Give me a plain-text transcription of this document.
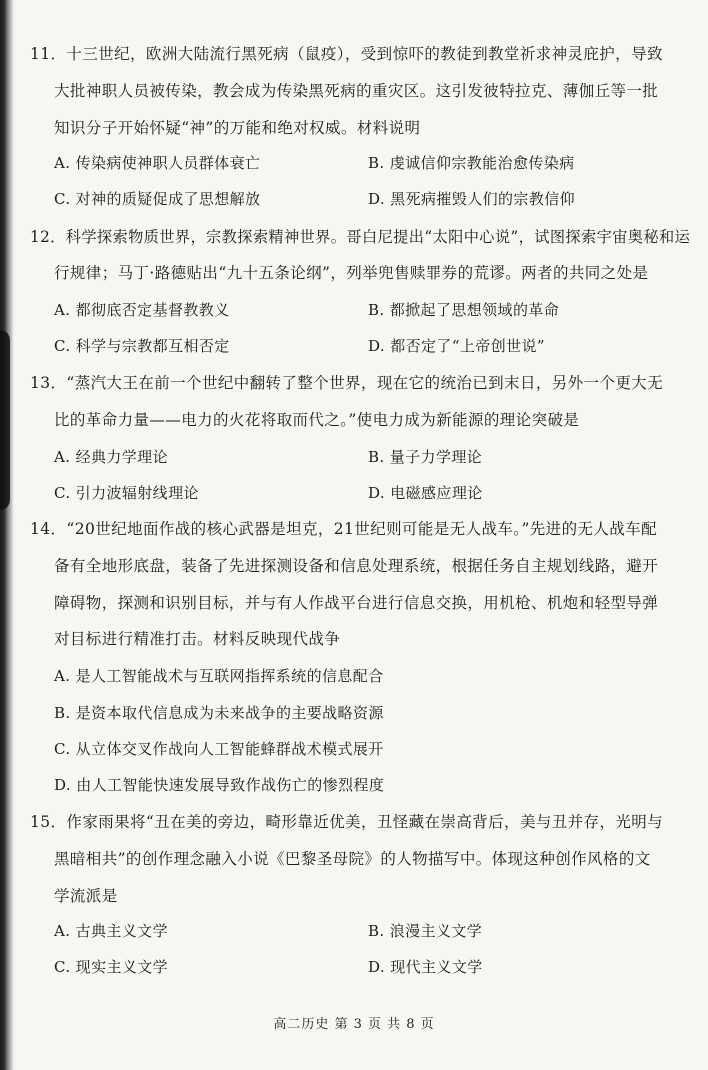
11．十三世纪，欧洲大陆流行黑死病（鼠疫），受到惊吓的教徒到教堂祈求神灵庇护，导致
大批神职人员被传染，教会成为传染黑死病的重灾区。这引发彼特拉克、薄伽丘等一批
知识分子开始怀疑“神”的万能和绝对权威。材料说明
A. 传染病使神职人员群体衰亡	B. 虔诚信仰宗教能治愈传染病
C. 对神的质疑促成了思想解放	D. 黑死病摧毁人们的宗教信仰
12．科学探索物质世界，宗教探索精神世界。哥白尼提出“太阳中心说”，试图探索宇宙奥秘和运
行规律；马丁·路德贴出“九十五条论纲”，列举兜售赎罪券的荒谬。两者的共同之处是
A. 都彻底否定基督教教义	B. 都掀起了思想领域的革命
C. 科学与宗教都互相否定	D. 都否定了“上帝创世说”
13．“蒸汽大王在前一个世纪中翻转了整个世界，现在它的统治已到末日，另外一个更大无
比的革命力量——电力的火花将取而代之。”使电力成为新能源的理论突破是
A. 经典力学理论	B. 量子力学理论
C. 引力波辐射线理论	D. 电磁感应理论
14．“20世纪地面作战的核心武器是坦克，21世纪则可能是无人战车。”先进的无人战车配
备有全地形底盘，装备了先进探测设备和信息处理系统，根据任务自主规划线路，避开
障碍物，探测和识别目标，并与有人作战平台进行信息交换，用机枪、机炮和轻型导弹
对目标进行精准打击。材料反映现代战争
A. 是人工智能战术与互联网指挥系统的信息配合
B. 是资本取代信息成为未来战争的主要战略资源
C. 从立体交叉作战向人工智能蜂群战术模式展开
D. 由人工智能快速发展导致作战伤亡的惨烈程度
15．作家雨果将“丑在美的旁边，畸形靠近优美，丑怪藏在崇高背后，美与丑并存，光明与
黑暗相共”的创作理念融入小说《巴黎圣母院》的人物描写中。体现这种创作风格的文
学流派是
A. 古典主义文学	B. 浪漫主义文学
C. 现实主义文学	D. 现代主义文学
高二历史 第 3 页 共 8 页
